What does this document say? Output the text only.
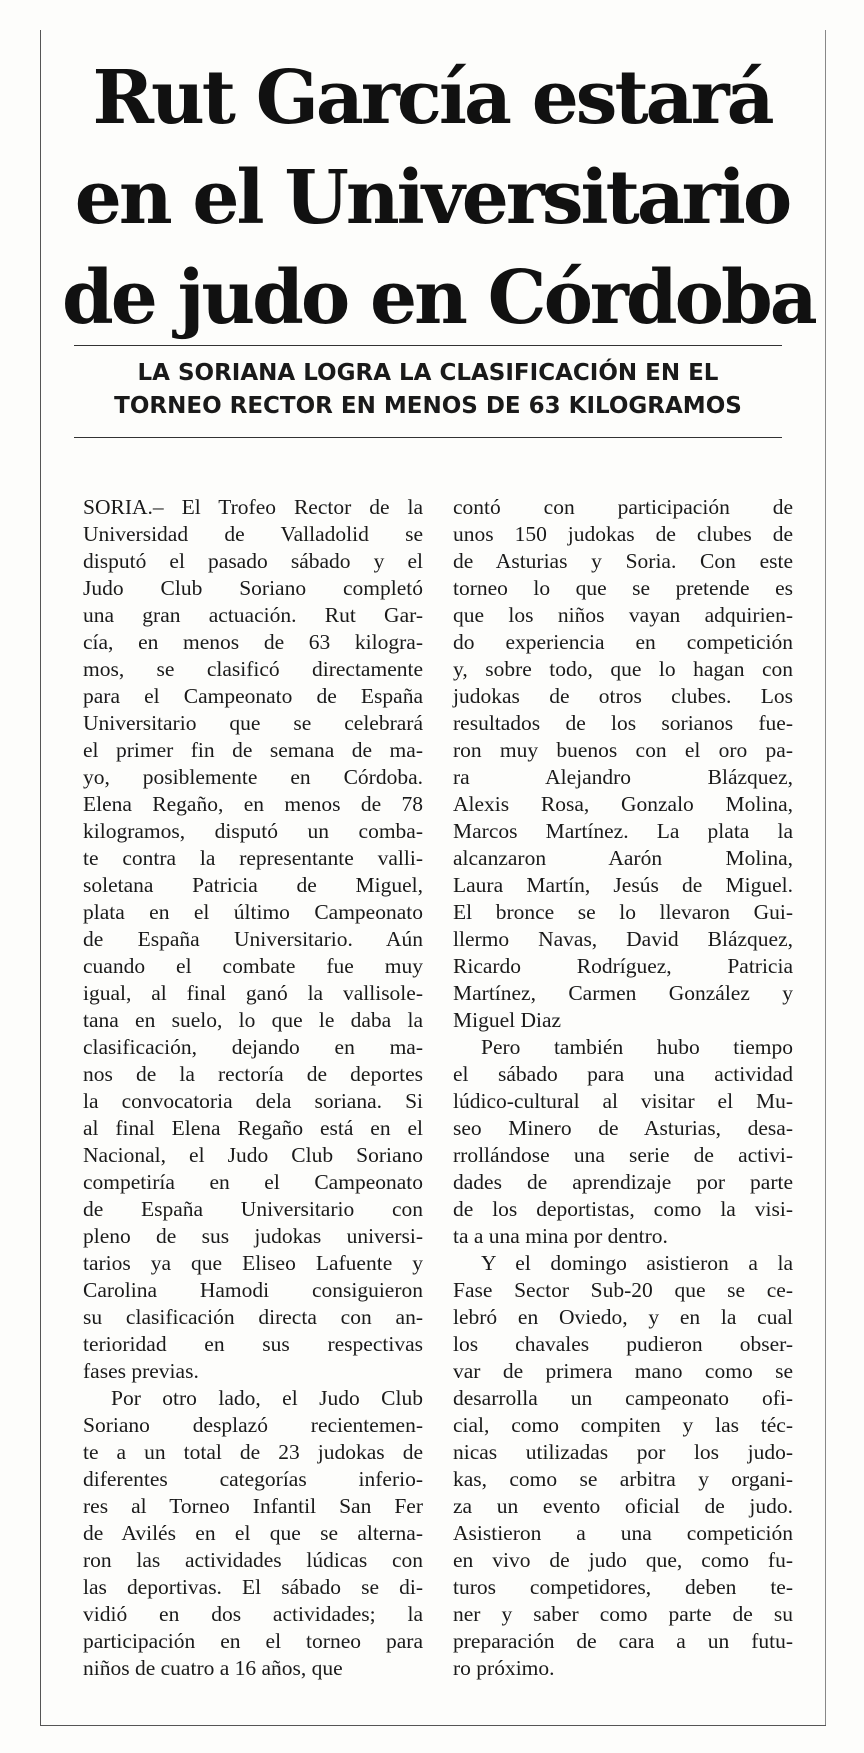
Rut García estará
en el Universitario
de judo en Córdoba
LA SORIANA LOGRA LA CLASIFICACIÓN EN EL
TORNEO RECTOR EN MENOS DE 63 KILOGRAMOS
SORIA.– El Trofeo Rector de la
Universidad de Valladolid se
disputó el pasado sábado y el
Judo Club Soriano completó
una gran actuación. Rut Gar-
cía, en menos de 63 kilogra-
mos, se clasificó directamente
para el Campeonato de España
Universitario que se celebrará
el primer fin de semana de ma-
yo, posiblemente en Córdoba.
Elena Regaño, en menos de 78
kilogramos, disputó un comba-
te contra la representante valli-
soletana Patricia de Miguel,
plata en el último Campeonato
de España Universitario. Aún
cuando el combate fue muy
igual, al final ganó la vallisole-
tana en suelo, lo que le daba la
clasificación, dejando en ma-
nos de la rectoría de deportes
la convocatoria dela soriana. Si
al final Elena Regaño está en el
Nacional, el Judo Club Soriano
competiría en el Campeonato
de España Universitario con
pleno de sus judokas universi-
tarios ya que Eliseo Lafuente y
Carolina Hamodi consiguieron
su clasificación directa con an-
terioridad en sus respectivas
fases previas.
Por otro lado, el Judo Club
Soriano desplazó recientemen-
te a un total de 23 judokas de
diferentes categorías inferio-
res al Torneo Infantil San Fer
de Avilés en el que se alterna-
ron las actividades lúdicas con
las deportivas. El sábado se di-
vidió en dos actividades; la
participación en el torneo para
niños de cuatro a 16 años, que
contó con participación de
unos 150 judokas de clubes de
de Asturias y Soria. Con este
torneo lo que se pretende es
que los niños vayan adquirien-
do experiencia en competición
y, sobre todo, que lo hagan con
judokas de otros clubes. Los
resultados de los sorianos fue-
ron muy buenos con el oro pa-
ra Alejandro Blázquez,
Alexis Rosa, Gonzalo Molina,
Marcos Martínez. La plata la
alcanzaron Aarón Molina,
Laura Martín, Jesús de Miguel.
El bronce se lo llevaron Gui-
llermo Navas, David Blázquez,
Ricardo Rodríguez, Patricia
Martínez, Carmen González y
Miguel Diaz
Pero también hubo tiempo
el sábado para una actividad
lúdico-cultural al visitar el Mu-
seo Minero de Asturias, desa-
rrollándose una serie de activi-
dades de aprendizaje por parte
de los deportistas, como la visi-
ta a una mina por dentro.
Y el domingo asistieron a la
Fase Sector Sub-20 que se ce-
lebró en Oviedo, y en la cual
los chavales pudieron obser-
var de primera mano como se
desarrolla un campeonato ofi-
cial, como compiten y las téc-
nicas utilizadas por los judo-
kas, como se arbitra y organi-
za un evento oficial de judo.
Asistieron a una competición
en vivo de judo que, como fu-
turos competidores, deben te-
ner y saber como parte de su
preparación de cara a un futu-
ro próximo.
